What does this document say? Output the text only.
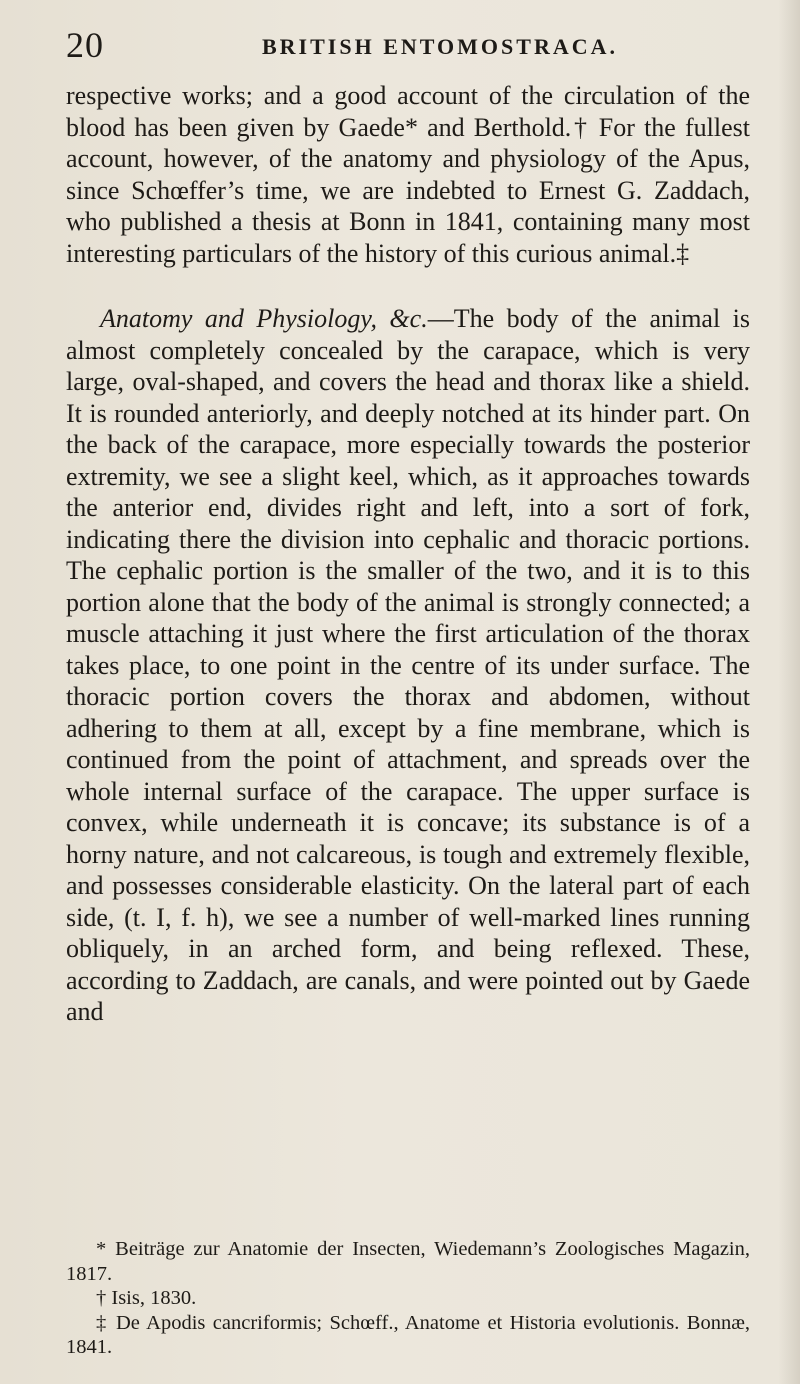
20	BRITISH ENTOMOSTRACA.

respective works; and a good account of the circulation of the blood has been given by Gaede* and Berthold.† For the fullest account, however, of the anatomy and physiology of the Apus, since Schœffer’s time, we are indebted to Ernest G. Zaddach, who published a thesis at Bonn in 1841, containing many most interesting particulars of the history of this curious animal.‡

Anatomy and Physiology, &c.—The body of the animal is almost completely concealed by the carapace, which is very large, oval-shaped, and covers the head and thorax like a shield. It is rounded anteriorly, and deeply notched at its hinder part. On the back of the carapace, more especially towards the posterior extremity, we see a slight keel, which, as it approaches towards the anterior end, divides right and left, into a sort of fork, indicating there the division into cephalic and thoracic portions. The cephalic portion is the smaller of the two, and it is to this portion alone that the body of the animal is strongly connected; a muscle attaching it just where the first articulation of the thorax takes place, to one point in the centre of its under surface. The thoracic portion covers the thorax and abdomen, without adhering to them at all, except by a fine membrane, which is continued from the point of attachment, and spreads over the whole internal surface of the carapace. The upper surface is convex, while underneath it is concave; its substance is of a horny nature, and not calcareous, is tough and extremely flexible, and possesses considerable elasticity. On the lateral part of each side, (t. I, f. h), we see a number of well-marked lines running obliquely, in an arched form, and being reflexed. These, according to Zaddach, are canals, and were pointed out by Gaede and

* Beiträge zur Anatomie der Insecten, Wiedemann’s Zoologisches Magazin, 1817.

† Isis, 1830.

‡ De Apodis cancriformis; Schœff., Anatome et Historia evolutionis. Bonnæ, 1841.
